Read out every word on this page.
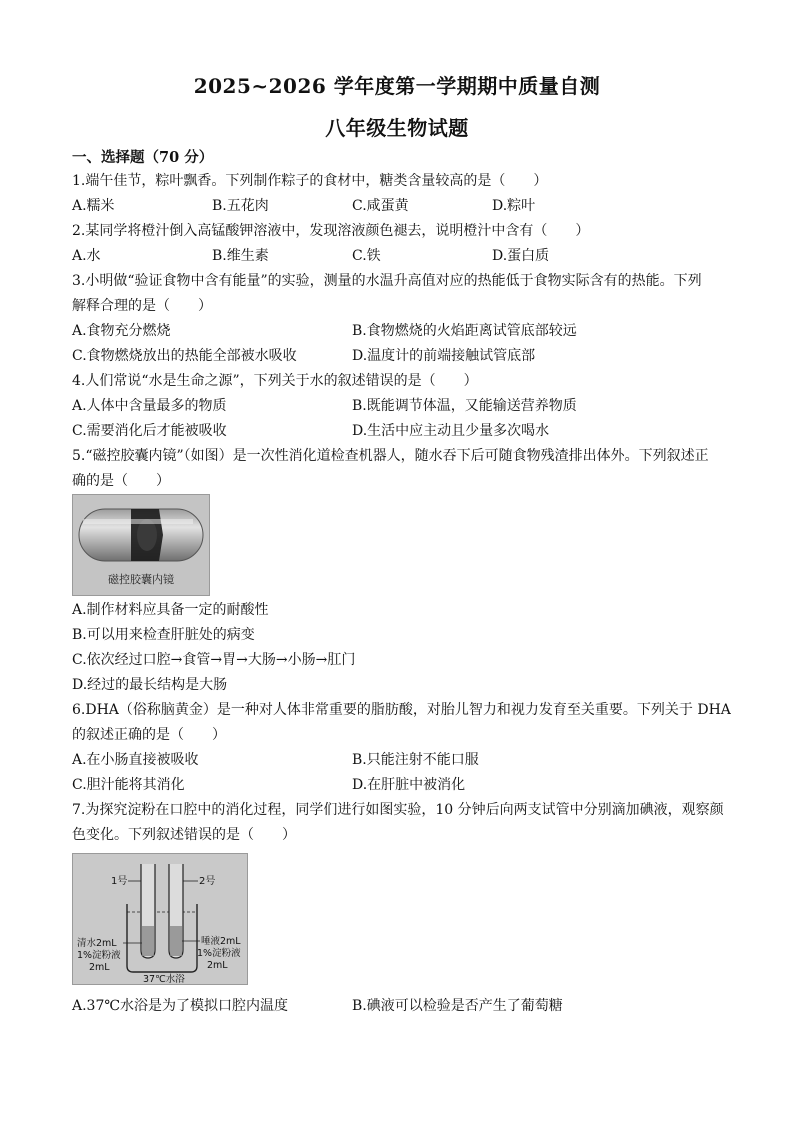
2025~2026 学年度第一学期期中质量自测
八年级生物试题
一、选择题（70 分）
1.端午佳节，粽叶飘香。下列制作粽子的食材中，糖类含量较高的是（　　）
A.糯米	B.五花肉	C.咸蛋黄	D.粽叶
2.某同学将橙汁倒入高锰酸钾溶液中，发现溶液颜色褪去，说明橙汁中含有（　　）
A.水	B.维生素	C.铁	D.蛋白质
3.小明做“验证食物中含有能量”的实验，测量的水温升高值对应的热能低于食物实际含有的热能。下列
解释合理的是（　　）
A.食物充分燃烧	B.食物燃烧的火焰距离试管底部较远
C.食物燃烧放出的热能全部被水吸收	D.温度计的前端接触试管底部
4.人们常说“水是生命之源”，下列关于水的叙述错误的是（　　）
A.人体中含量最多的物质	B.既能调节体温，又能输送营养物质
C.需要消化后才能被吸收	D.生活中应主动且少量多次喝水
5.“磁控胶囊内镜”（如图）是一次性消化道检查机器人，随水吞下后可随食物残渣排出体外。下列叙述正
确的是（　　）
磁控胶囊内镜
A.制作材料应具备一定的耐酸性
B.可以用来检查肝脏处的病变
C.依次经过口腔→食管→胃→大肠→小肠→肛门
D.经过的最长结构是大肠
6.DHA（俗称脑黄金）是一种对人体非常重要的脂肪酸，对胎儿智力和视力发育至关重要。下列关于 DHA
的叙述正确的是（　　）
A.在小肠直接被吸收	B.只能注射不能口服
C.胆汁能将其消化	D.在肝脏中被消化
7.为探究淀粉在口腔中的消化过程，同学们进行如图实验，10 分钟后向两支试管中分别滴加碘液，观察颜
色变化。下列叙述错误的是（　　）
1号	2号
清水2mL
1%淀粉液
2mL
唾液2mL
1%淀粉液
2mL
37℃水浴
A.37℃水浴是为了模拟口腔内温度	B.碘液可以检验是否产生了葡萄糖
